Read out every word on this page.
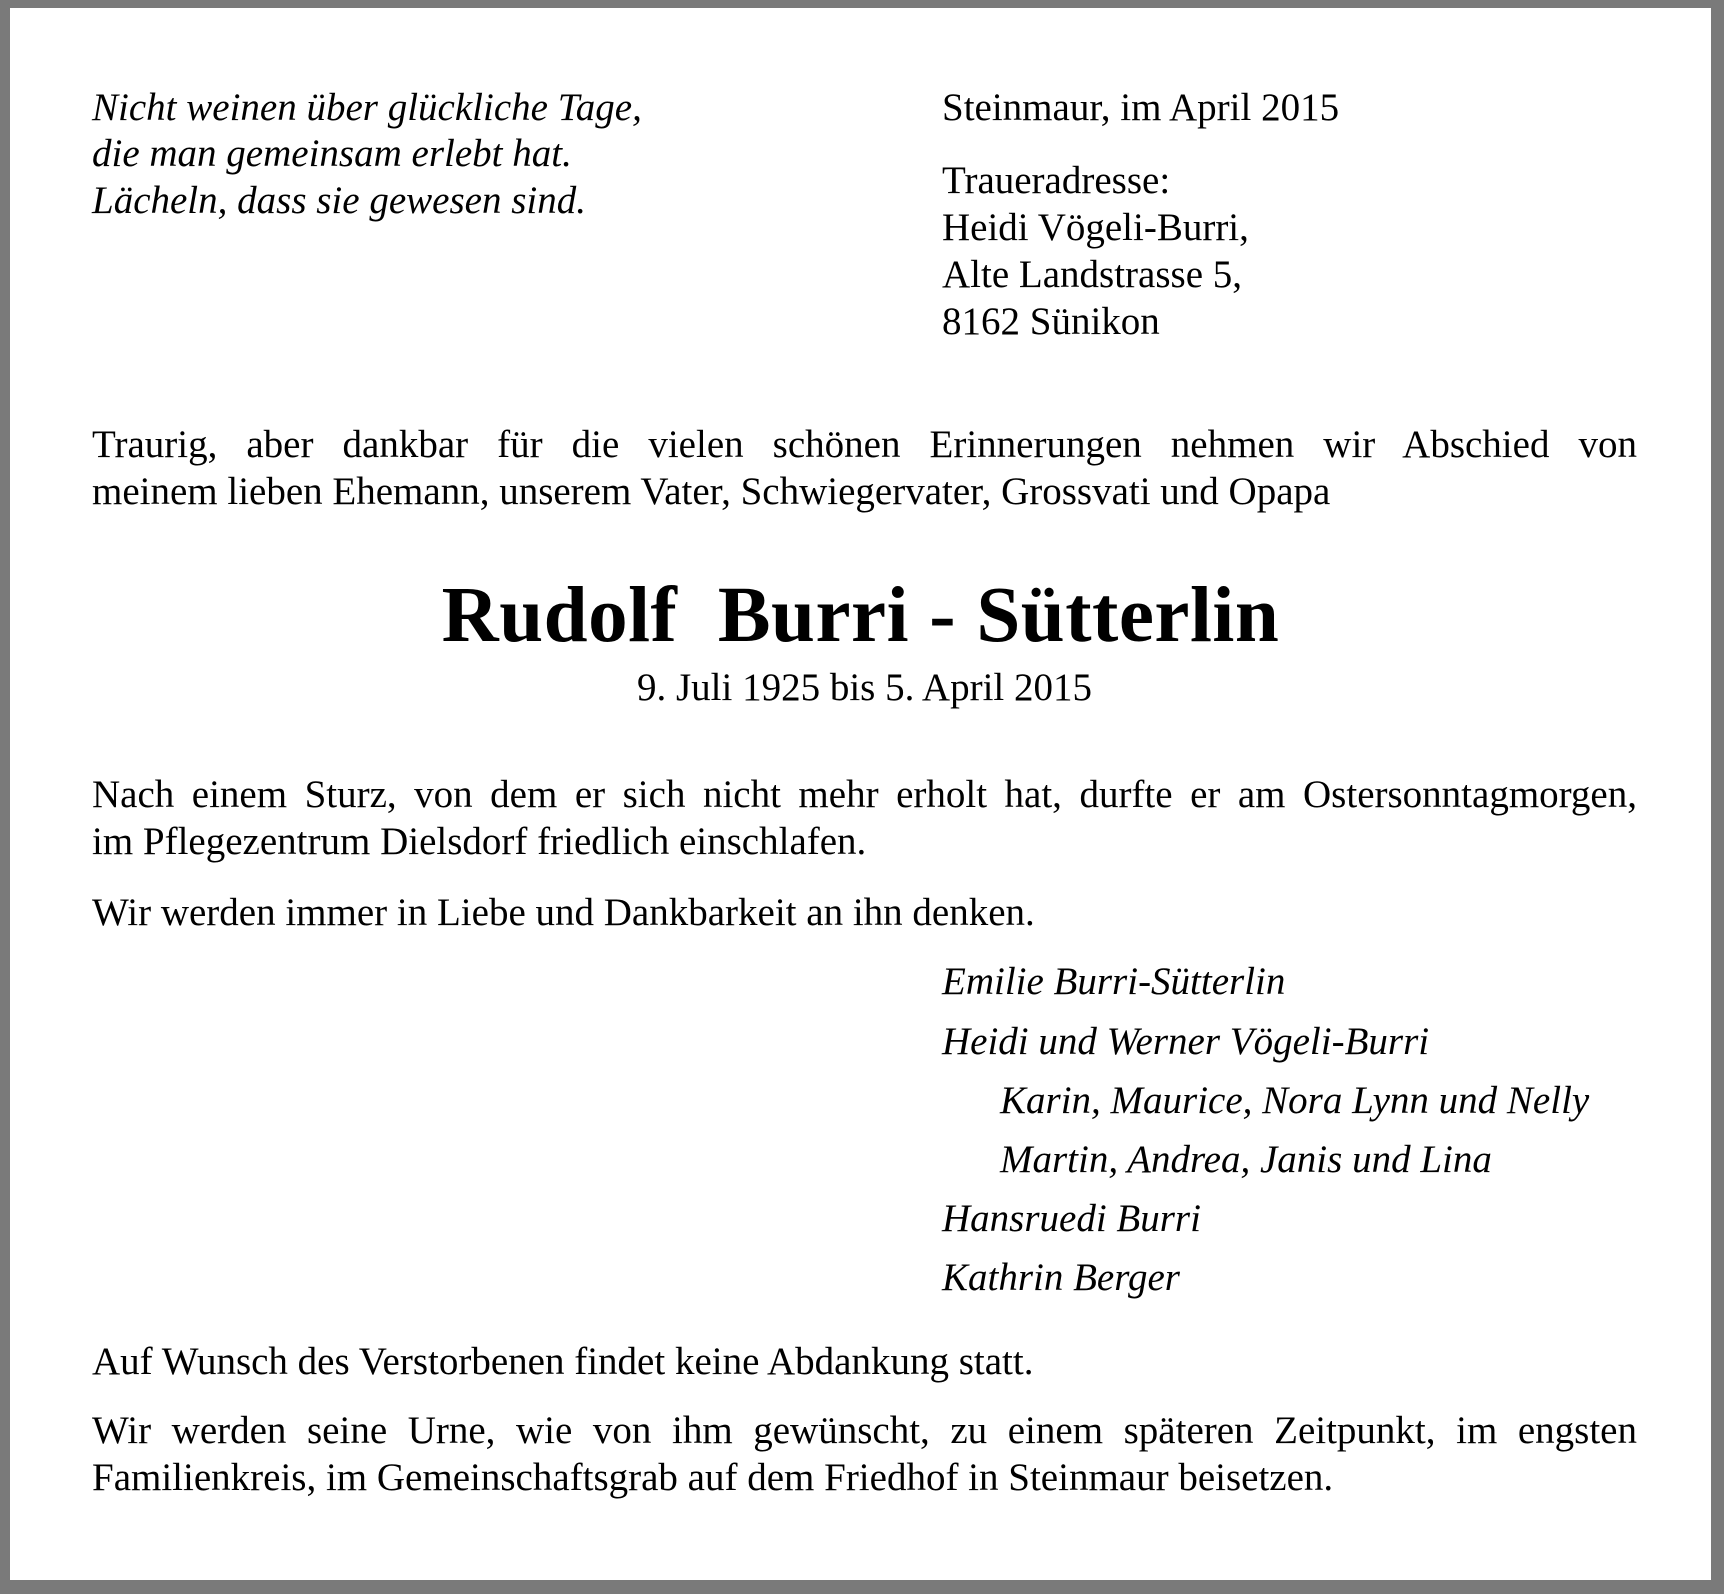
Nicht weinen über glückliche Tage,

die man gemeinsam erlebt hat.

Lächeln, dass sie gewesen sind.

Steinmaur, im April 2015

Traueradresse:

Heidi Vögeli-Burri,

Alte Landstrasse 5,

8162 Sünikon

Traurig, aber dankbar für die vielen schönen Erinnerungen nehmen wir Abschied von

meinem lieben Ehemann, unserem Vater, Schwiegervater, Grossvati und Opapa

Rudolf  Burri - Sütterlin

9. Juli 1925 bis 5. April 2015

Nach einem Sturz, von dem er sich nicht mehr erholt hat, durfte er am Ostersonntagmorgen,

im Pflegezentrum Dielsdorf friedlich einschlafen.

Wir werden immer in Liebe und Dankbarkeit an ihn denken.

Emilie Burri-Sütterlin

Heidi und Werner Vögeli-Burri

Karin, Maurice, Nora Lynn und Nelly

Martin, Andrea, Janis und Lina

Hansruedi Burri

Kathrin Berger

Auf Wunsch des Verstorbenen findet keine Abdankung statt.

Wir werden seine Urne, wie von ihm gewünscht, zu einem späteren Zeitpunkt, im engsten

Familienkreis, im Gemeinschaftsgrab auf dem Friedhof in Steinmaur beisetzen.
